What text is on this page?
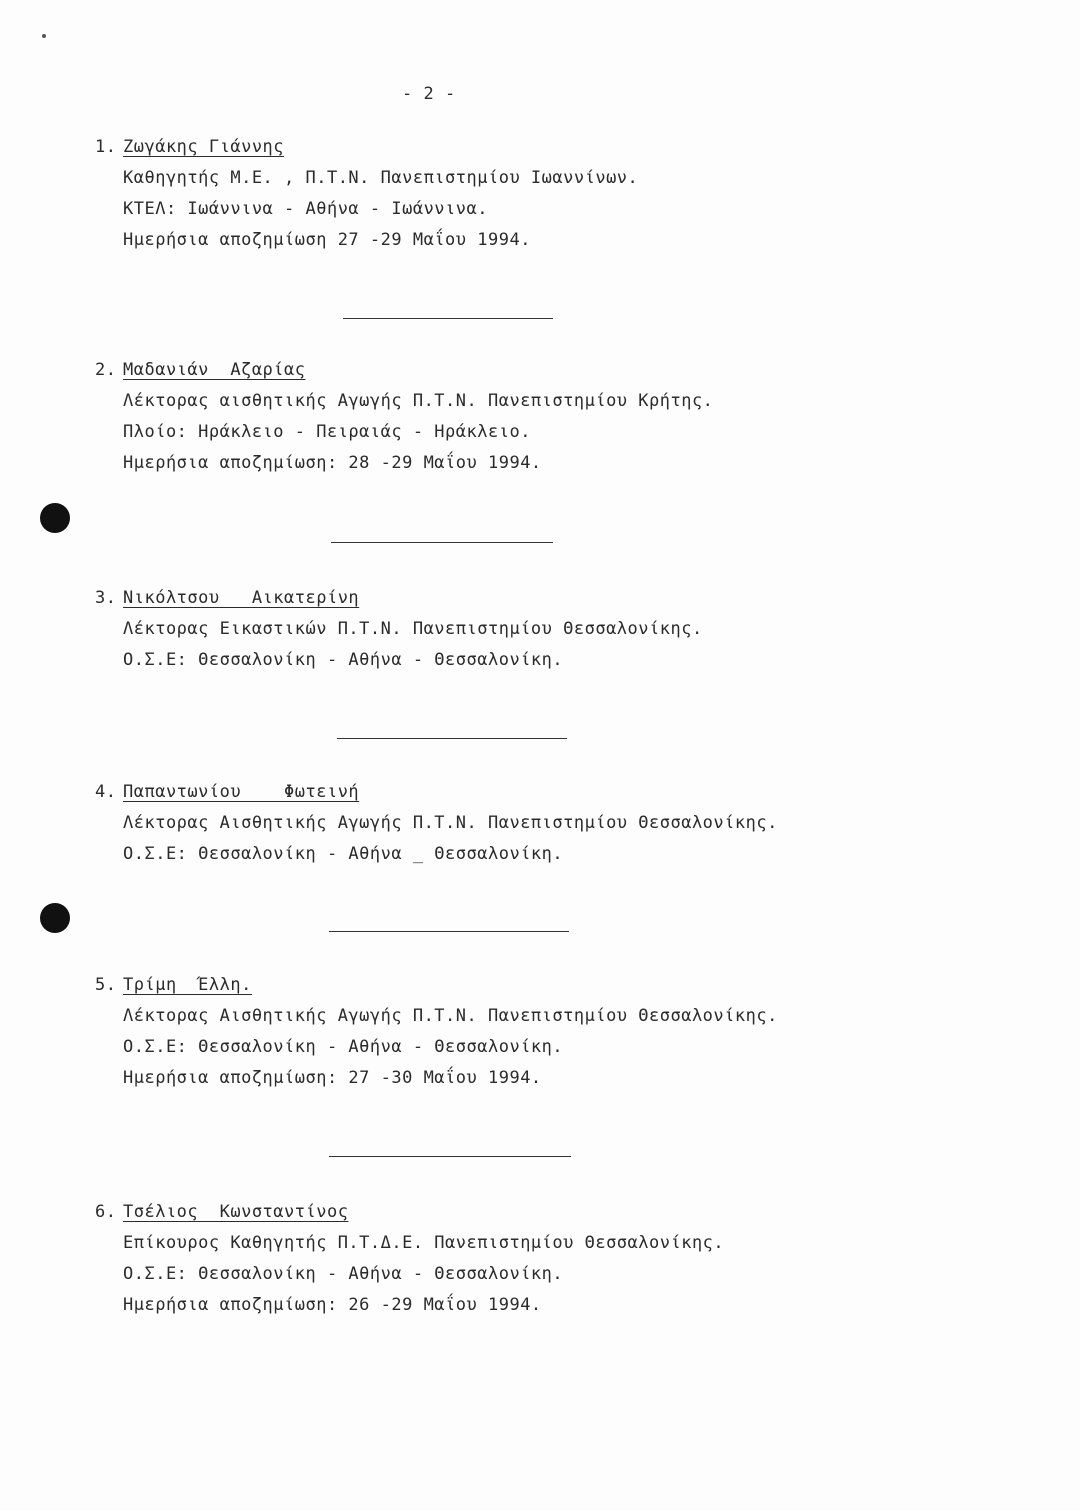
- 2 -
1. Ζωγάκης Γιάννης
Καθηγητής Μ.Ε. , Π.Τ.Ν. Πανεπιστημίου Ιωαννίνων.
ΚΤΕΛ: Ιωάννινα - Αθήνα - Ιωάννινα.
Ημερήσια αποζημίωση 27 -29 Μαΐου 1994.
2. Μαδανιάν  Αζαρίας
Λέκτορας αισθητικής Αγωγής Π.Τ.Ν. Πανεπιστημίου Κρήτης.
Πλοίο: Ηράκλειο - Πειραιάς - Ηράκλειο.
Ημερήσια αποζημίωση: 28 -29 Μαΐου 1994.
3. Νικόλτσου   Αικατερίνη
Λέκτορας Εικαστικών Π.Τ.Ν. Πανεπιστημίου Θεσσαλονίκης.
Ο.Σ.Ε: Θεσσαλονίκη - Αθήνα - Θεσσαλονίκη.
4. Παπαντωνίου    Φωτεινή
Λέκτορας Αισθητικής Αγωγής Π.Τ.Ν. Πανεπιστημίου Θεσσαλονίκης.
Ο.Σ.Ε: Θεσσαλονίκη - Αθήνα _ Θεσσαλονίκη.
5. Τρίμη  Έλλη.
Λέκτορας Αισθητικής Αγωγής Π.Τ.Ν. Πανεπιστημίου Θεσσαλονίκης.
Ο.Σ.Ε: Θεσσαλονίκη - Αθήνα - Θεσσαλονίκη.
Ημερήσια αποζημίωση: 27 -30 Μαΐου 1994.
6. Τσέλιος  Κωνσταντίνος
Επίκουρος Καθηγητής Π.Τ.Δ.Ε. Πανεπιστημίου Θεσσαλονίκης.
Ο.Σ.Ε: Θεσσαλονίκη - Αθήνα - Θεσσαλονίκη.
Ημερήσια αποζημίωση: 26 -29 Μαΐου 1994.
